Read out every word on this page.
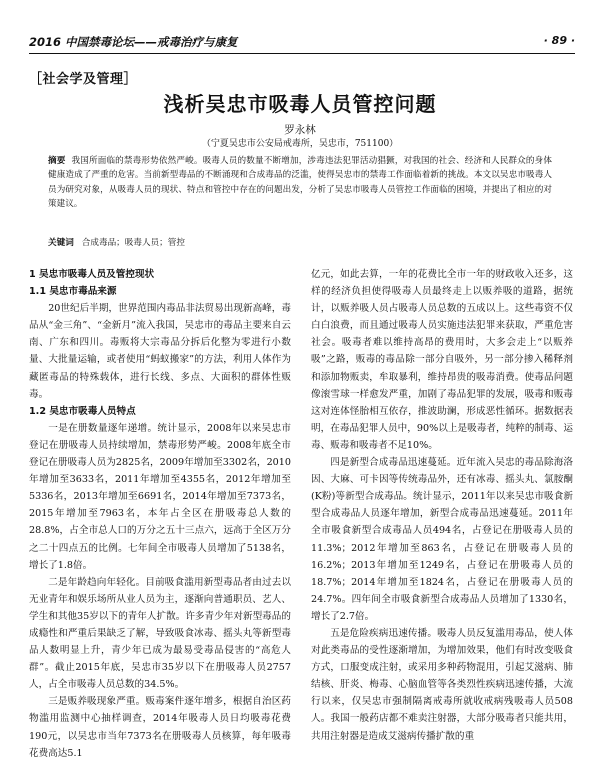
2016 中国禁毒论坛——戒毒治疗与康复	· 89 ·
［社会学及管理］
浅析吴忠市吸毒人员管控问题
罗永林
（宁夏吴忠市公安局戒毒所，吴忠市，751100）
摘要 我国所面临的禁毒形势依然严峻。吸毒人员的数量不断增加，涉毒违法犯罪活动猖獗，对我国的社会、经济和人民群众的身体健康造成了严重的危害。当前新型毒品的不断涌现和合成毒品的泛滥，使得吴忠市的禁毒工作面临着新的挑战。本文以吴忠市吸毒人员为研究对象，从吸毒人员的现状、特点和管控中存在的问题出发，分析了吴忠市吸毒人员管控工作面临的困境，并提出了相应的对策建议。
关键词 合成毒品；吸毒人员；管控
1 吴忠市吸毒人员及管控现状
1.1 吴忠市毒品来源

20世纪后半期，世界范围内毒品非法贸易出现新高峰，毒品从“金三角”、“金新月”流入我国，吴忠市的毒品主要来自云南、广东和四川。毒贩将大宗毒品分拆后化整为零进行小数量、大批量运输，或者使用“蚂蚁搬家”的方法，利用人体作为藏匿毒品的特殊载体，进行长线、多点、大面积的群体性贩毒。

1.2 吴忠市吸毒人员特点

一是在册数量逐年递增。统计显示，2008年以来吴忠市登记在册吸毒人员持续增加，禁毒形势严峻。2008年底全市登记在册吸毒人员为2825名，2009年增加至3302名，2010年增加至3633名，2011年增加至4355名，2012年增加至5336名，2013年增加至6691名，2014年增加至7373名，2015年增加至7963名，本年占全区在册吸毒总人数的28.8%，占全市总人口的万分之五十三点六，远高于全区万分之二十四点五的比例。七年间全市吸毒人员增加了5138名，增长了1.8倍。

二是年龄趋向年轻化。目前吸食滥用新型毒品者由过去以无业青年和娱乐场所从业人员为主，逐渐向普通职员、艺人、学生和其他35岁以下的青年人扩散。许多青少年对新型毒品的成瘾性和严重后果缺乏了解，导致吸食冰毒、摇头丸等新型毒品人数明显上升，青少年已成为最易受毒品侵害的“高危人群”。截止2015年底，吴忠市35岁以下在册吸毒人员2757人，占全市吸毒人员总数的34.5%。

三是贩养吸现象严重。贩毒案件逐年增多，根据自治区药物滥用监测中心抽样调查，2014年吸毒人员日均吸毒花费190元，以吴忠市当年7373名在册吸毒人员核算，每年吸毒花费高达5.1

亿元，如此去算，一年的花费比全市一年的财政收入还多，这样的经济负担使得吸毒人员最终走上以贩养吸的道路，据统计，以贩养吸人员占吸毒人员总数的五成以上。这些毒资不仅白白浪费，而且通过吸毒人员实施违法犯罪来获取，严重危害社会。吸毒者难以维持高昂的费用时，大多会走上“以贩养吸”之路，贩毒的毒品除一部分自吸外，另一部分掺入稀释剂和添加物贩卖，牟取暴利，维持昂贵的吸毒消费。使毒品问题像滚雪球一样愈发严重，加剧了毒品犯罪的发展，吸毒和贩毒这对连体怪胎相互依存，推波助澜，形成恶性循环。据数据表明，在毒品犯罪人员中，90%以上是吸毒者，纯粹的制毒、运毒、贩毒和吸毒者不足10%。

四是新型合成毒品迅速蔓延。近年流入吴忠的毒品除海洛因、大麻、可卡因等传统毒品外，还有冰毒、摇头丸、氯胺酮(K粉)等新型合成毒品。统计显示，2011年以来吴忠市吸食新型合成毒品人员逐年增加，新型合成毒品迅速蔓延。2011年全市吸食新型合成毒品人员494名，占登记在册吸毒人员的11.3%；2012年增加至863名，占登记在册吸毒人员的16.2%；2013年增加至1249名，占登记在册吸毒人员的18.7%；2014年增加至1824名，占登记在册吸毒人员的24.7%。四年间全市吸食新型合成毒品人员增加了1330名，增长了2.7倍。

五是危险疾病迅速传播。吸毒人员反复滥用毒品，使人体对此类毒品的受性逐渐增加，为增加效果，他们有时改变吸食方式，口服变成注射，或采用多种药物混用，引起艾滋病、肺结核、肝炎、梅毒、心脑血管等各类烈性疾病迅速传播，大流行以来，仅吴忠市强制隔离戒毒所就收戒病残吸毒人员508人。我国一般药店都不难卖注射器，大部分吸毒者只能共用，共用注射器是造成艾滋病传播扩散的重
